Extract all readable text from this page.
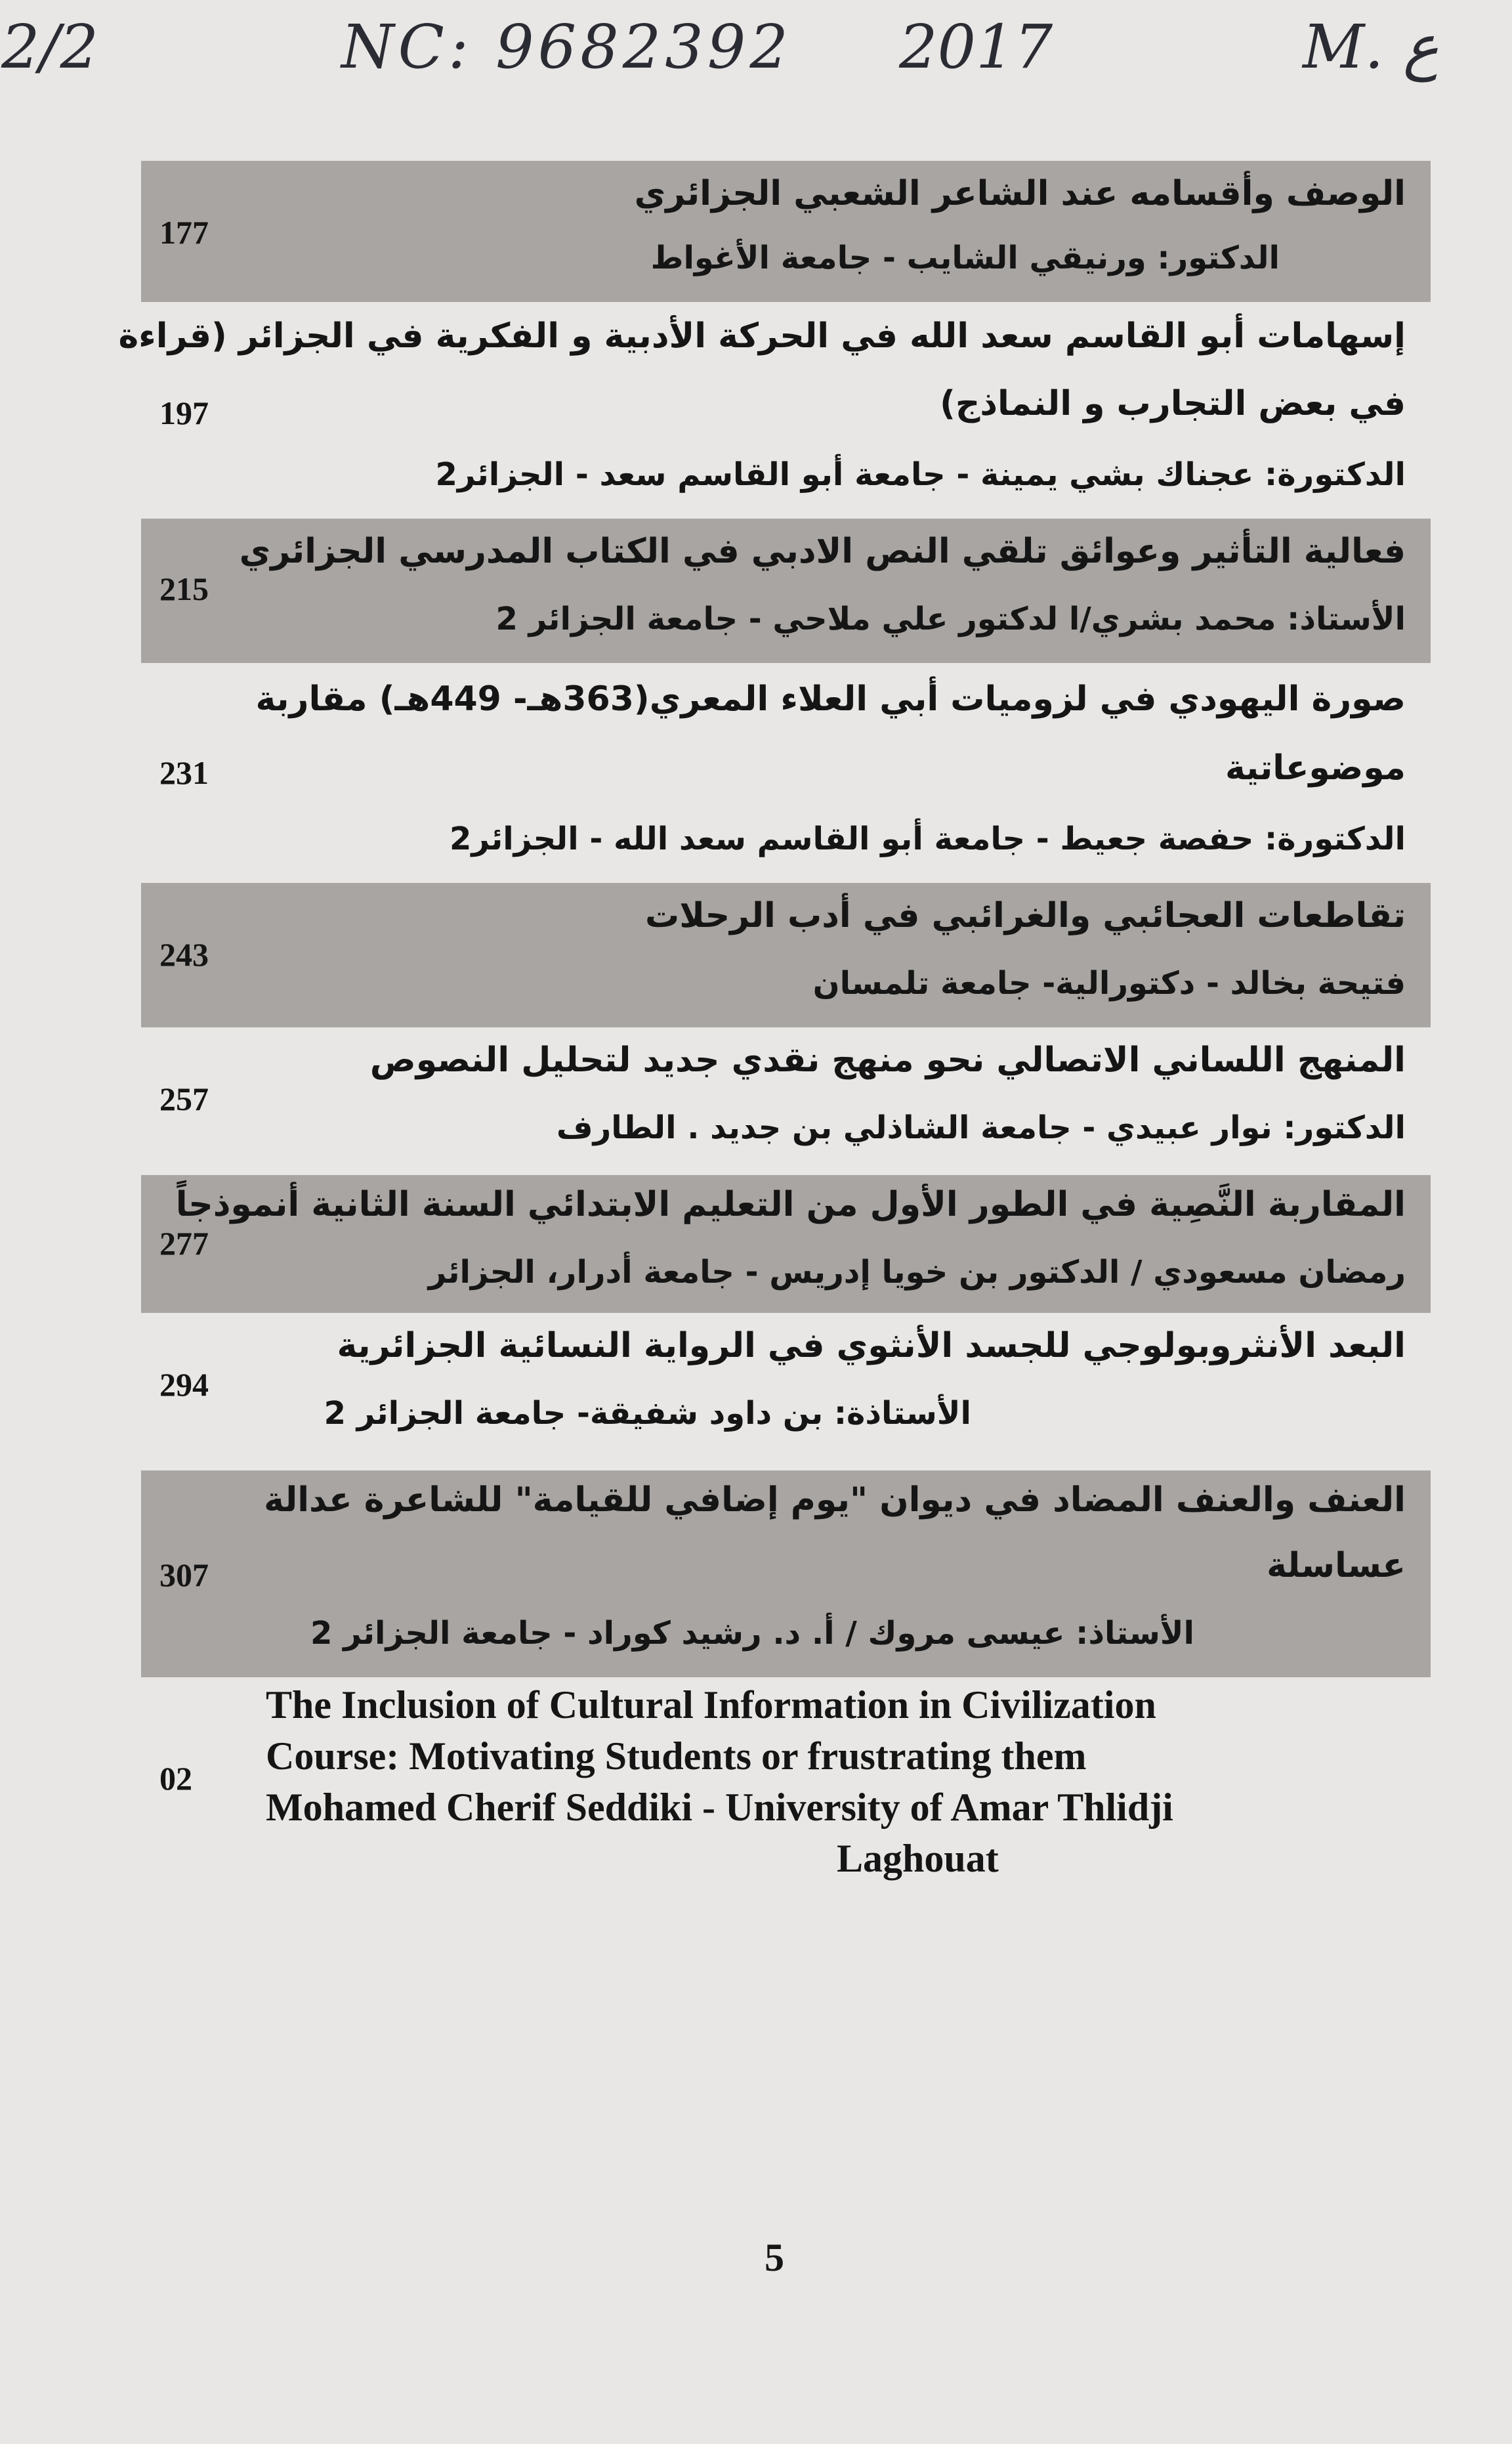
2/2	NC: 9682392 2017	M. ع
177
الوصف وأقسامه عند الشاعر الشعبي الجزائري
الدكتور: ورنيقي الشايب - جامعة الأغواط
197
إسهامات أبو القاسم سعد الله في الحركة الأدبية و الفكرية في الجزائر (قراءة
في بعض التجارب و النماذج)
الدكتورة: عجناك بشي يمينة - جامعة أبو القاسم سعد - الجزائر2
215
فعالية التأثير وعوائق تلقي النص الادبي في الكتاب المدرسي الجزائري
الأستاذ: محمد بشري/ا لدكتور علي ملاحي - جامعة الجزائر 2
231
صورة اليهودي في لزوميات أبي العلاء المعري(363هـ- 449هـ) مقاربة
موضوعاتية
الدكتورة: حفصة جعيط - جامعة أبو القاسم سعد الله - الجزائر2
243
تقاطعات العجائبي والغرائبي في أدب الرحلات
فتيحة بخالد - دكتورالية- جامعة تلمسان
257
المنهج اللساني الاتصالي نحو منهج نقدي جديد لتحليل النصوص
الدكتور: نوار عبيدي - جامعة الشاذلي بن جديد . الطارف
277
المقاربة النَّصِية في الطور الأول من التعليم الابتدائي السنة الثانية أنموذجاً
رمضان مسعودي / الدكتور بن خويا إدريس - جامعة أدرار، الجزائر
294
البعد الأنثروبولوجي للجسد الأنثوي في الرواية النسائية الجزائرية
الأستاذة: بن داود شفيقة- جامعة الجزائر 2
307
العنف والعنف المضاد في ديوان "يوم إضافي للقيامة" للشاعرة عدالة
عساسلة
الأستاذ: عيسى مروك / أ. د. رشيد كوراد - جامعة الجزائر 2
02
The Inclusion of Cultural Information in Civilization
Course: Motivating Students or frustrating them
Mohamed Cherif Seddiki - University of Amar Thlidji
Laghouat
5
